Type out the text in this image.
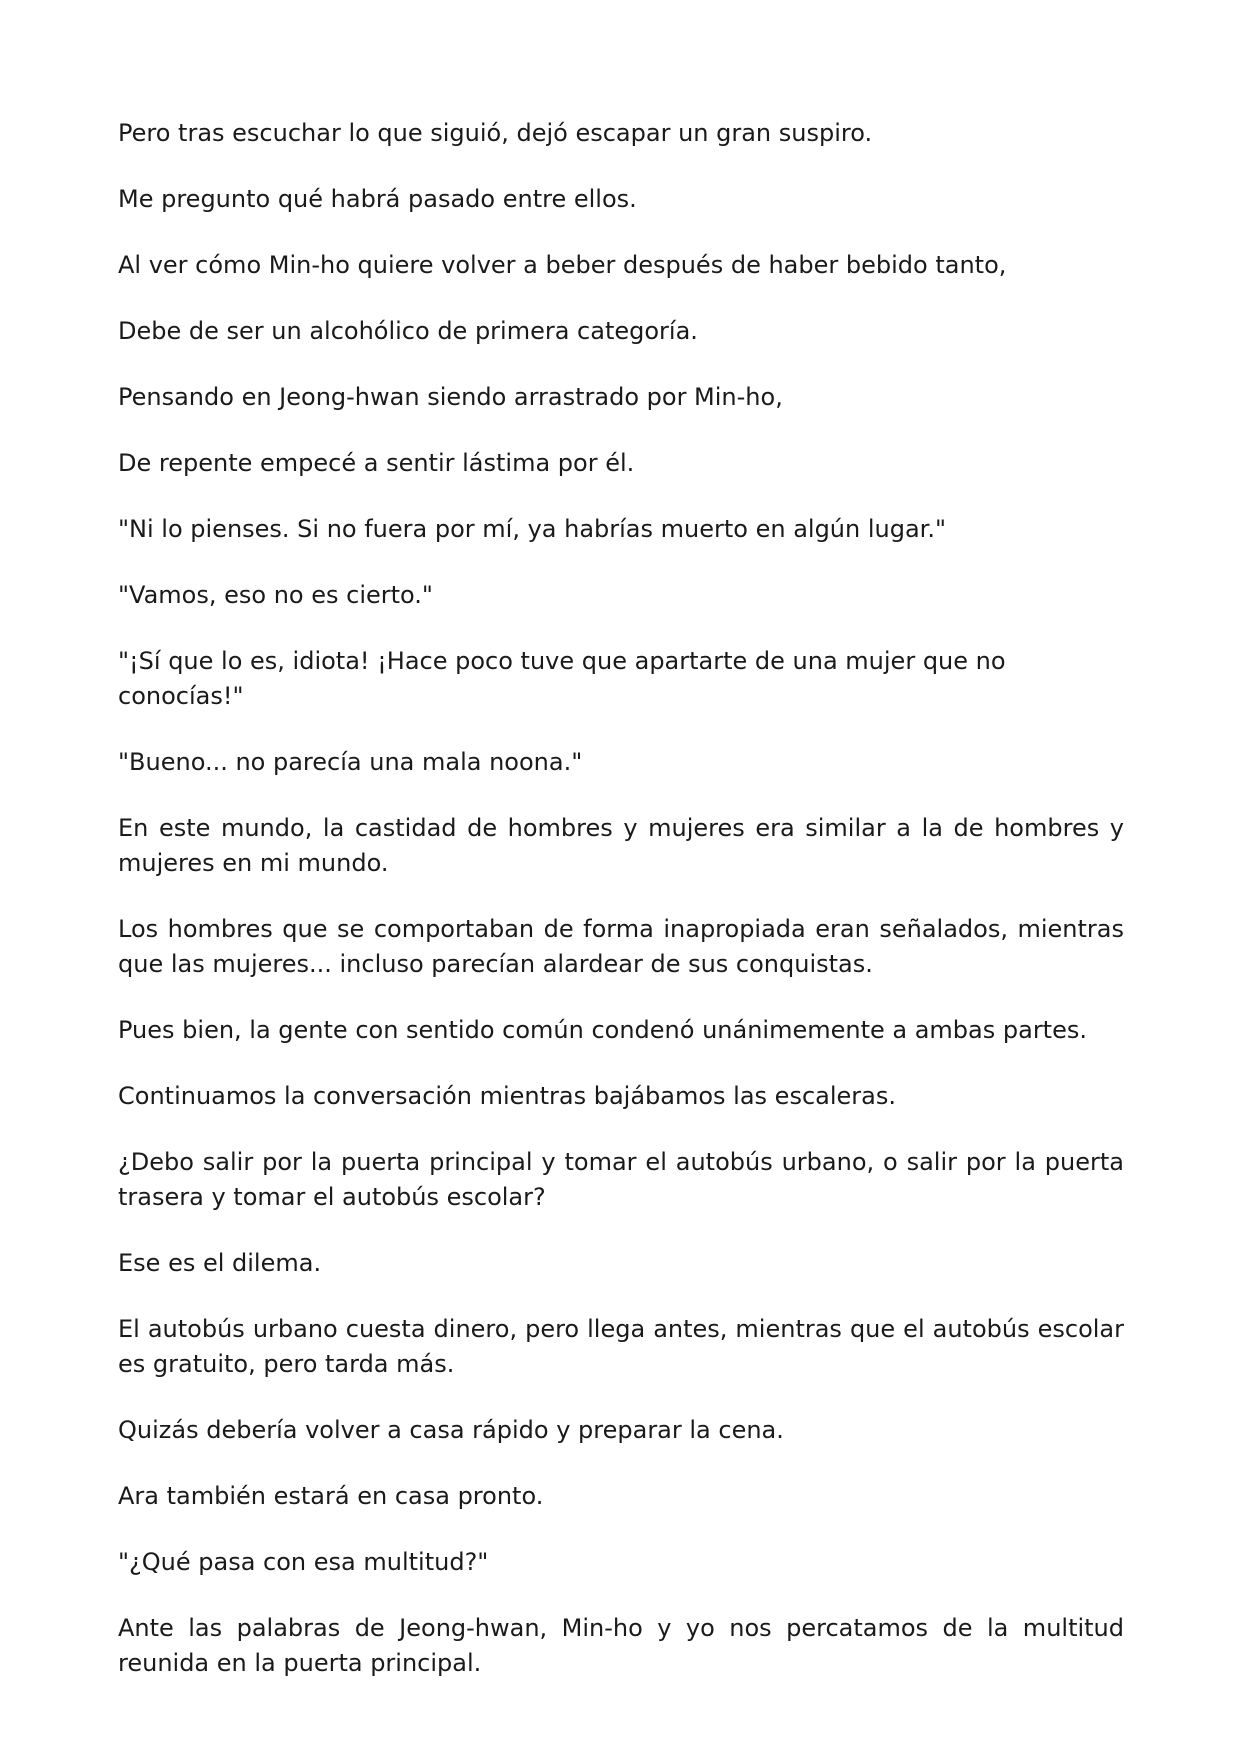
Pero tras escuchar lo que siguió, dejó escapar un gran suspiro.

Me pregunto qué habrá pasado entre ellos.

Al ver cómo Min-ho quiere volver a beber después de haber bebido tanto,

Debe de ser un alcohólico de primera categoría.

Pensando en Jeong-hwan siendo arrastrado por Min-ho,

De repente empecé a sentir lástima por él.

"Ni lo pienses. Si no fuera por mí, ya habrías muerto en algún lugar."

"Vamos, eso no es cierto."

"¡Sí que lo es, idiota! ¡Hace poco tuve que apartarte de una mujer que no conocías!"

"Bueno... no parecía una mala noona."

En este mundo, la castidad de hombres y mujeres era similar a la de hombres y mujeres en mi mundo.

Los hombres que se comportaban de forma inapropiada eran señalados, mientras que las mujeres... incluso parecían alardear de sus conquistas.

Pues bien, la gente con sentido común condenó unánimemente a ambas partes.

Continuamos la conversación mientras bajábamos las escaleras.

¿Debo salir por la puerta principal y tomar el autobús urbano, o salir por la puerta trasera y tomar el autobús escolar?

Ese es el dilema.

El autobús urbano cuesta dinero, pero llega antes, mientras que el autobús escolar es gratuito, pero tarda más.

Quizás debería volver a casa rápido y preparar la cena.

Ara también estará en casa pronto.

"¿Qué pasa con esa multitud?"

Ante las palabras de Jeong-hwan, Min-ho y yo nos percatamos de la multitud reunida en la puerta principal.
